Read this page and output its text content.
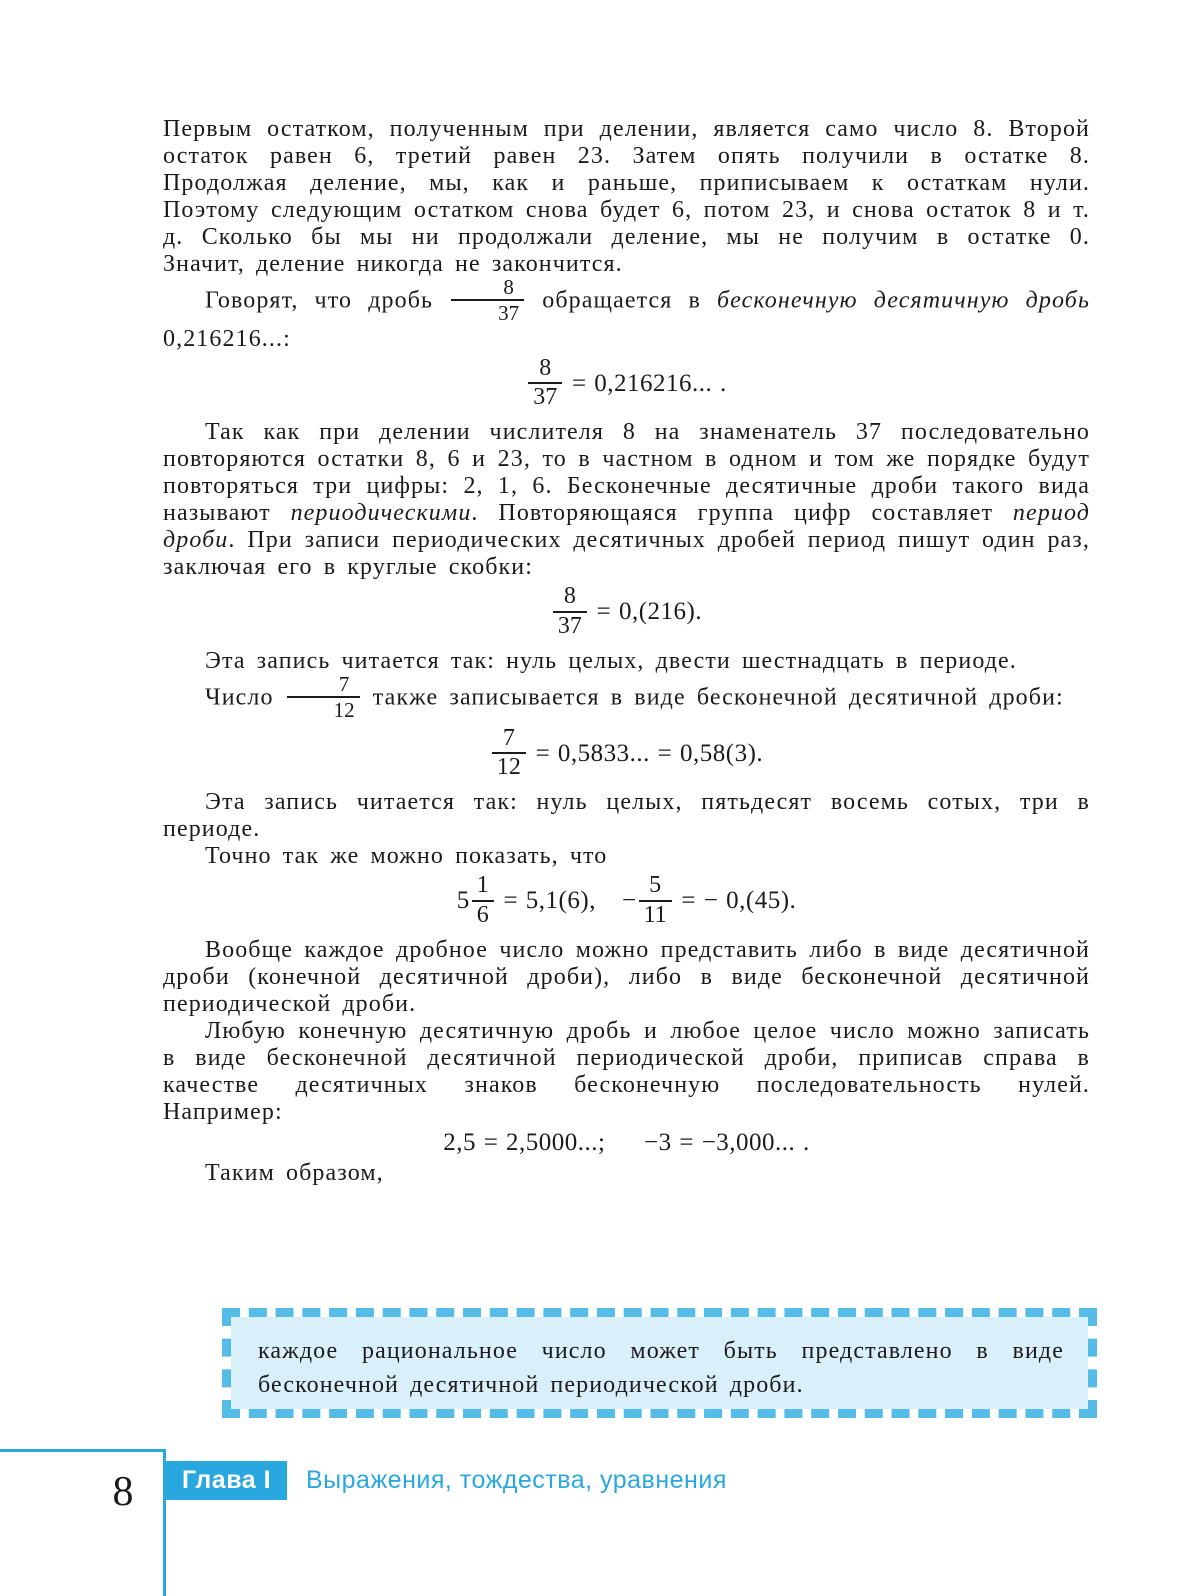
Первым остатком, полученным при делении, является само число 8. Второй остаток равен 6, третий равен 23. Затем опять получили в остатке 8. Продолжая деление, мы, как и раньше, приписываем к остаткам нули. Поэтому следующим остатком снова будет 6, потом 23, и снова остаток 8 и т. д. Сколько бы мы ни продолжали деление, мы не получим в остатке 0. Значит, деление никогда не закончится.

Говорят, что дробь $\frac{8}{37}$ обращается в бесконечную десятичную дробь 0,216216...:

$\frac{8}{37} = 0,216216$... .

Так как при делении числителя 8 на знаменатель 37 последовательно повторяются остатки 8, 6 и 23, то в частном в одном и том же порядке будут повторяться три цифры: 2, 1, 6. Бесконечные десятичные дроби такого вида называют периодическими. Повторяющаяся группа цифр составляет период дроби. При записи периодических десятичных дробей период пишут один раз, заключая его в круглые скобки:

$\frac{8}{37} = 0,(216)$.

Эта запись читается так: нуль целых, двести шестнадцать в периоде.

Число $\frac{7}{12}$ также записывается в виде бесконечной десятичной дроби:

$\frac{7}{12} = 0,5833$... = 0,58(3).

Эта запись читается так: нуль целых, пятьдесят восемь сотых, три в периоде.

Точно так же можно показать, что

$5 \frac{1}{6} = 5,1(6)$,  − $\frac{5}{11}$ = − 0,(45).

Вообще каждое дробное число можно представить либо в виде десятичной дроби (конечной десятичной дроби), либо в виде бесконечной десятичной периодической дроби.

Любую конечную десятичную дробь и любое целое число можно записать в виде бесконечной десятичной периодической дроби, приписав справа в качестве десятичных знаков бесконечную последовательность нулей. Например:

2,5 = 2,5000...;  −3 = −3,000... .

Таким образом,

каждое рациональное число может быть представлено в виде бесконечной десятичной периодической дроби.

8	Глава I	Выражения, тождества, уравнения
